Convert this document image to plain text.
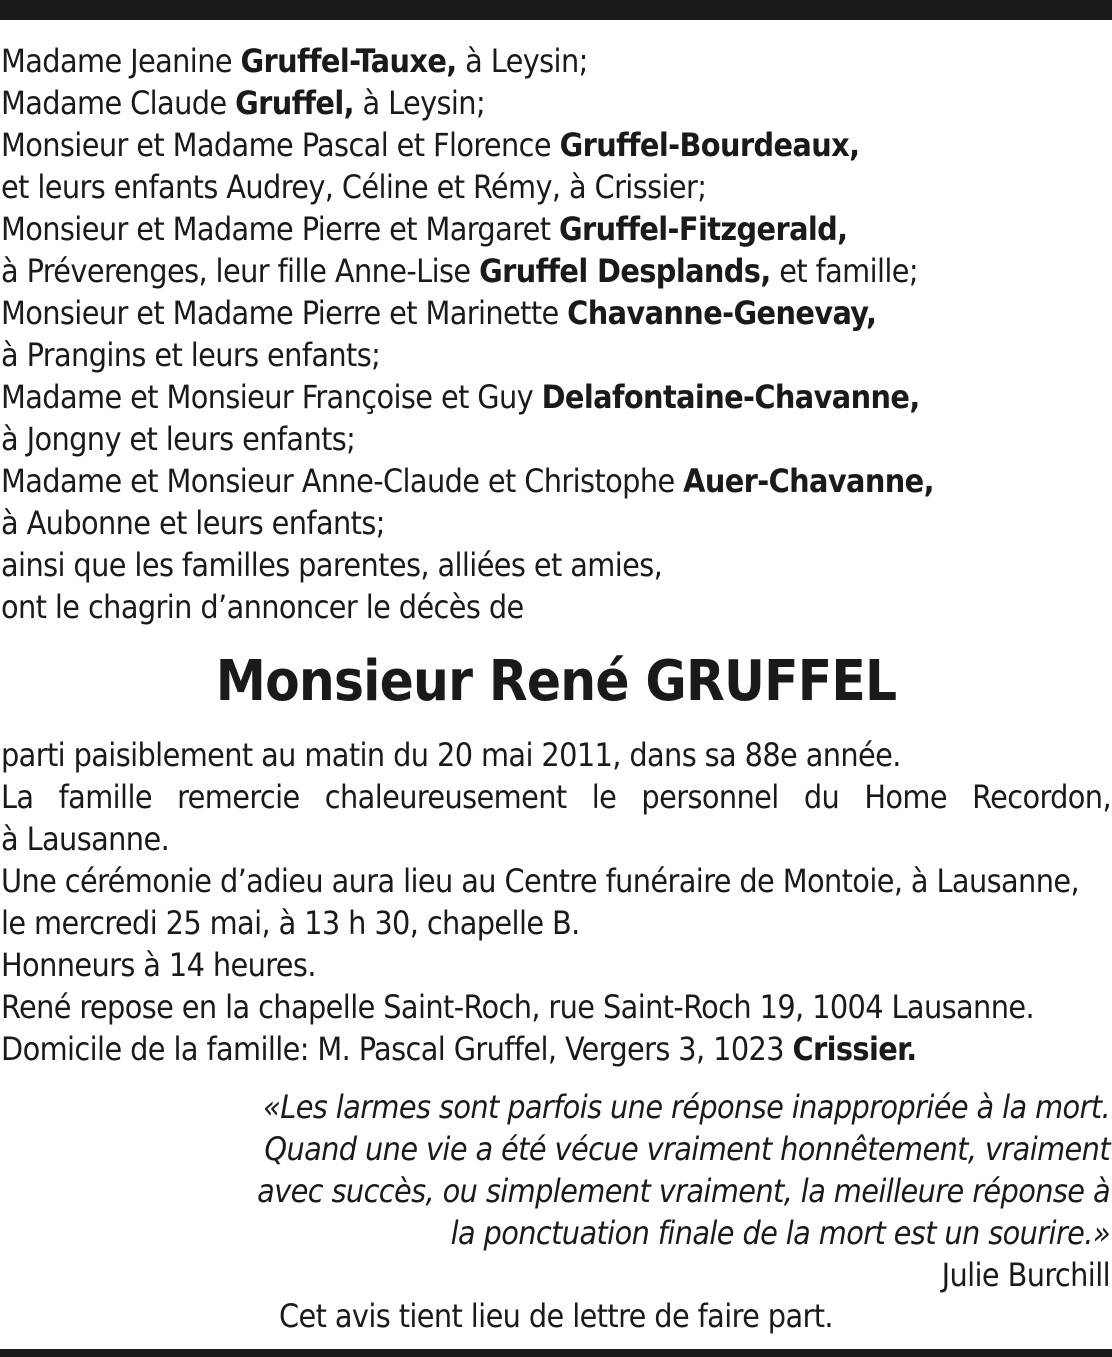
Madame Jeanine Gruffel-Tauxe, à Leysin;
Madame Claude Gruffel, à Leysin;
Monsieur et Madame Pascal et Florence Gruffel-Bourdeaux,
et leurs enfants Audrey, Céline et Rémy, à Crissier;
Monsieur et Madame Pierre et Margaret Gruffel-Fitzgerald,
à Préverenges, leur fille Anne-Lise Gruffel Desplands, et famille;
Monsieur et Madame Pierre et Marinette Chavanne-Genevay,
à Prangins et leurs enfants;
Madame et Monsieur Françoise et Guy Delafontaine-Chavanne,
à Jongny et leurs enfants;
Madame et Monsieur Anne-Claude et Christophe Auer-Chavanne,
à Aubonne et leurs enfants;
ainsi que les familles parentes, alliées et amies,
ont le chagrin d’annoncer le décès de
Monsieur René GRUFFEL
parti paisiblement au matin du 20 mai 2011, dans sa 88e année.
La famille remercie chaleureusement le personnel du Home Recordon,
à Lausanne.
Une cérémonie d’adieu aura lieu au Centre funéraire de Montoie, à Lausanne,
le mercredi 25 mai, à 13 h 30, chapelle B.
Honneurs à 14 heures.
René repose en la chapelle Saint-Roch, rue Saint-Roch 19, 1004 Lausanne.
Domicile de la famille: M. Pascal Gruffel, Vergers 3, 1023 Crissier.
«Les larmes sont parfois une réponse inappropriée à la mort.
Quand une vie a été vécue vraiment honnêtement, vraiment
avec succès, ou simplement vraiment, la meilleure réponse à
la ponctuation finale de la mort est un sourire.»
Julie Burchill
Cet avis tient lieu de lettre de faire part.
